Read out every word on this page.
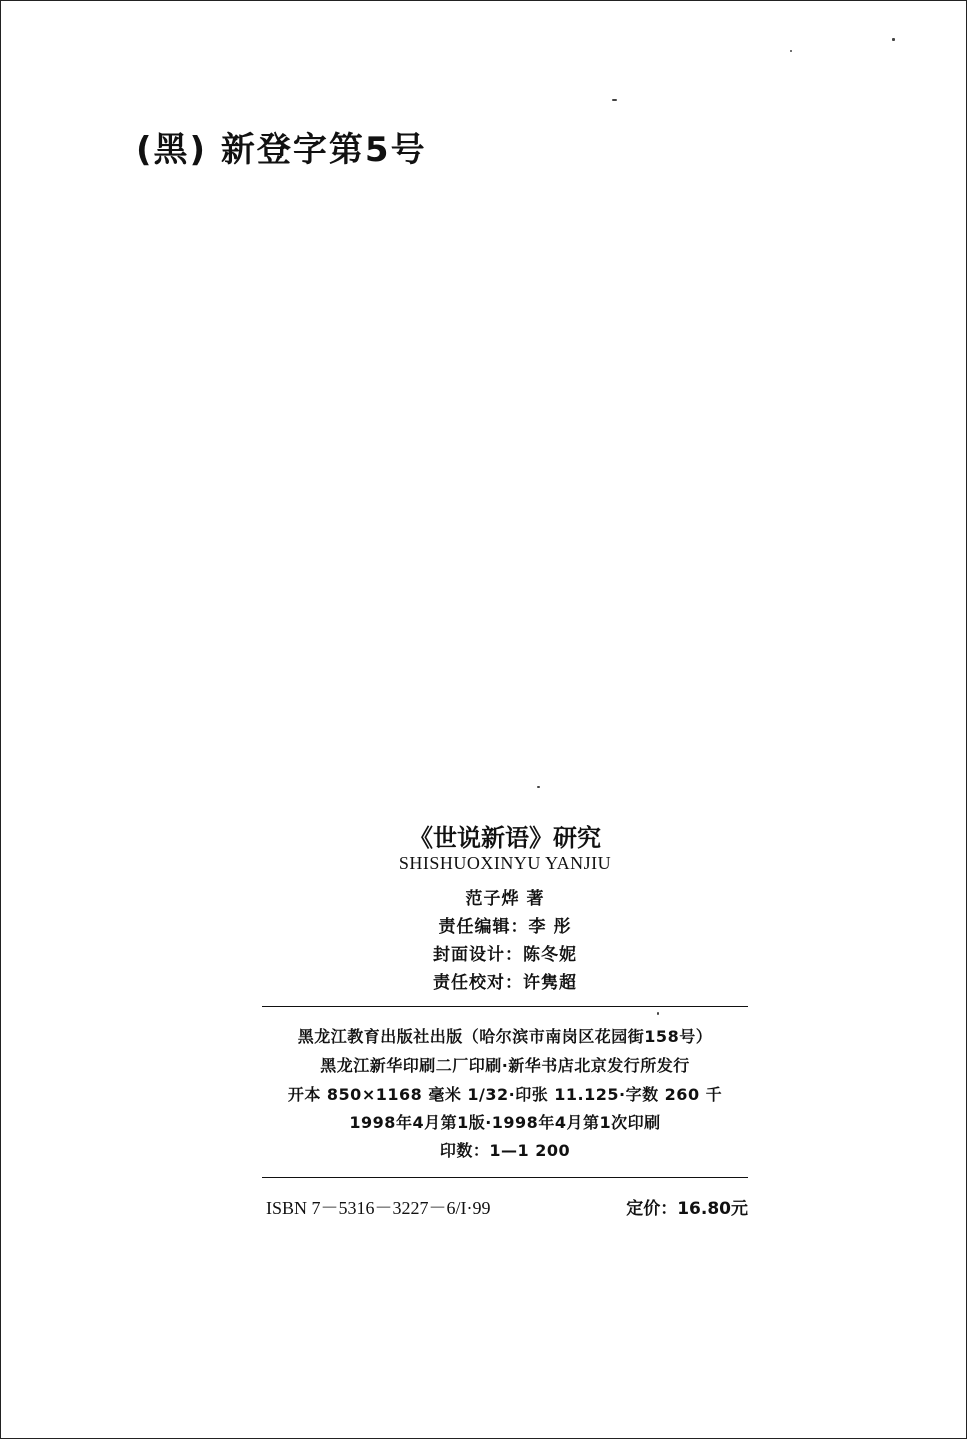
(黑) 新登字第5号
《世说新语》研究
SHISHUOXINYU YANJIU
范子烨 著
责任编辑：李 彤
封面设计：陈冬妮
责任校对：许隽超
黑龙江教育出版社出版（哈尔滨市南岗区花园街158号）
黑龙江新华印刷二厂印刷·新华书店北京发行所发行
开本 850×1168 毫米 1/32·印张 11.125·字数 260 千
1998年4月第1版·1998年4月第1次印刷
印数：1—1 200
ISBN 7－5316－3227－6/I·99	定价：16.80元
